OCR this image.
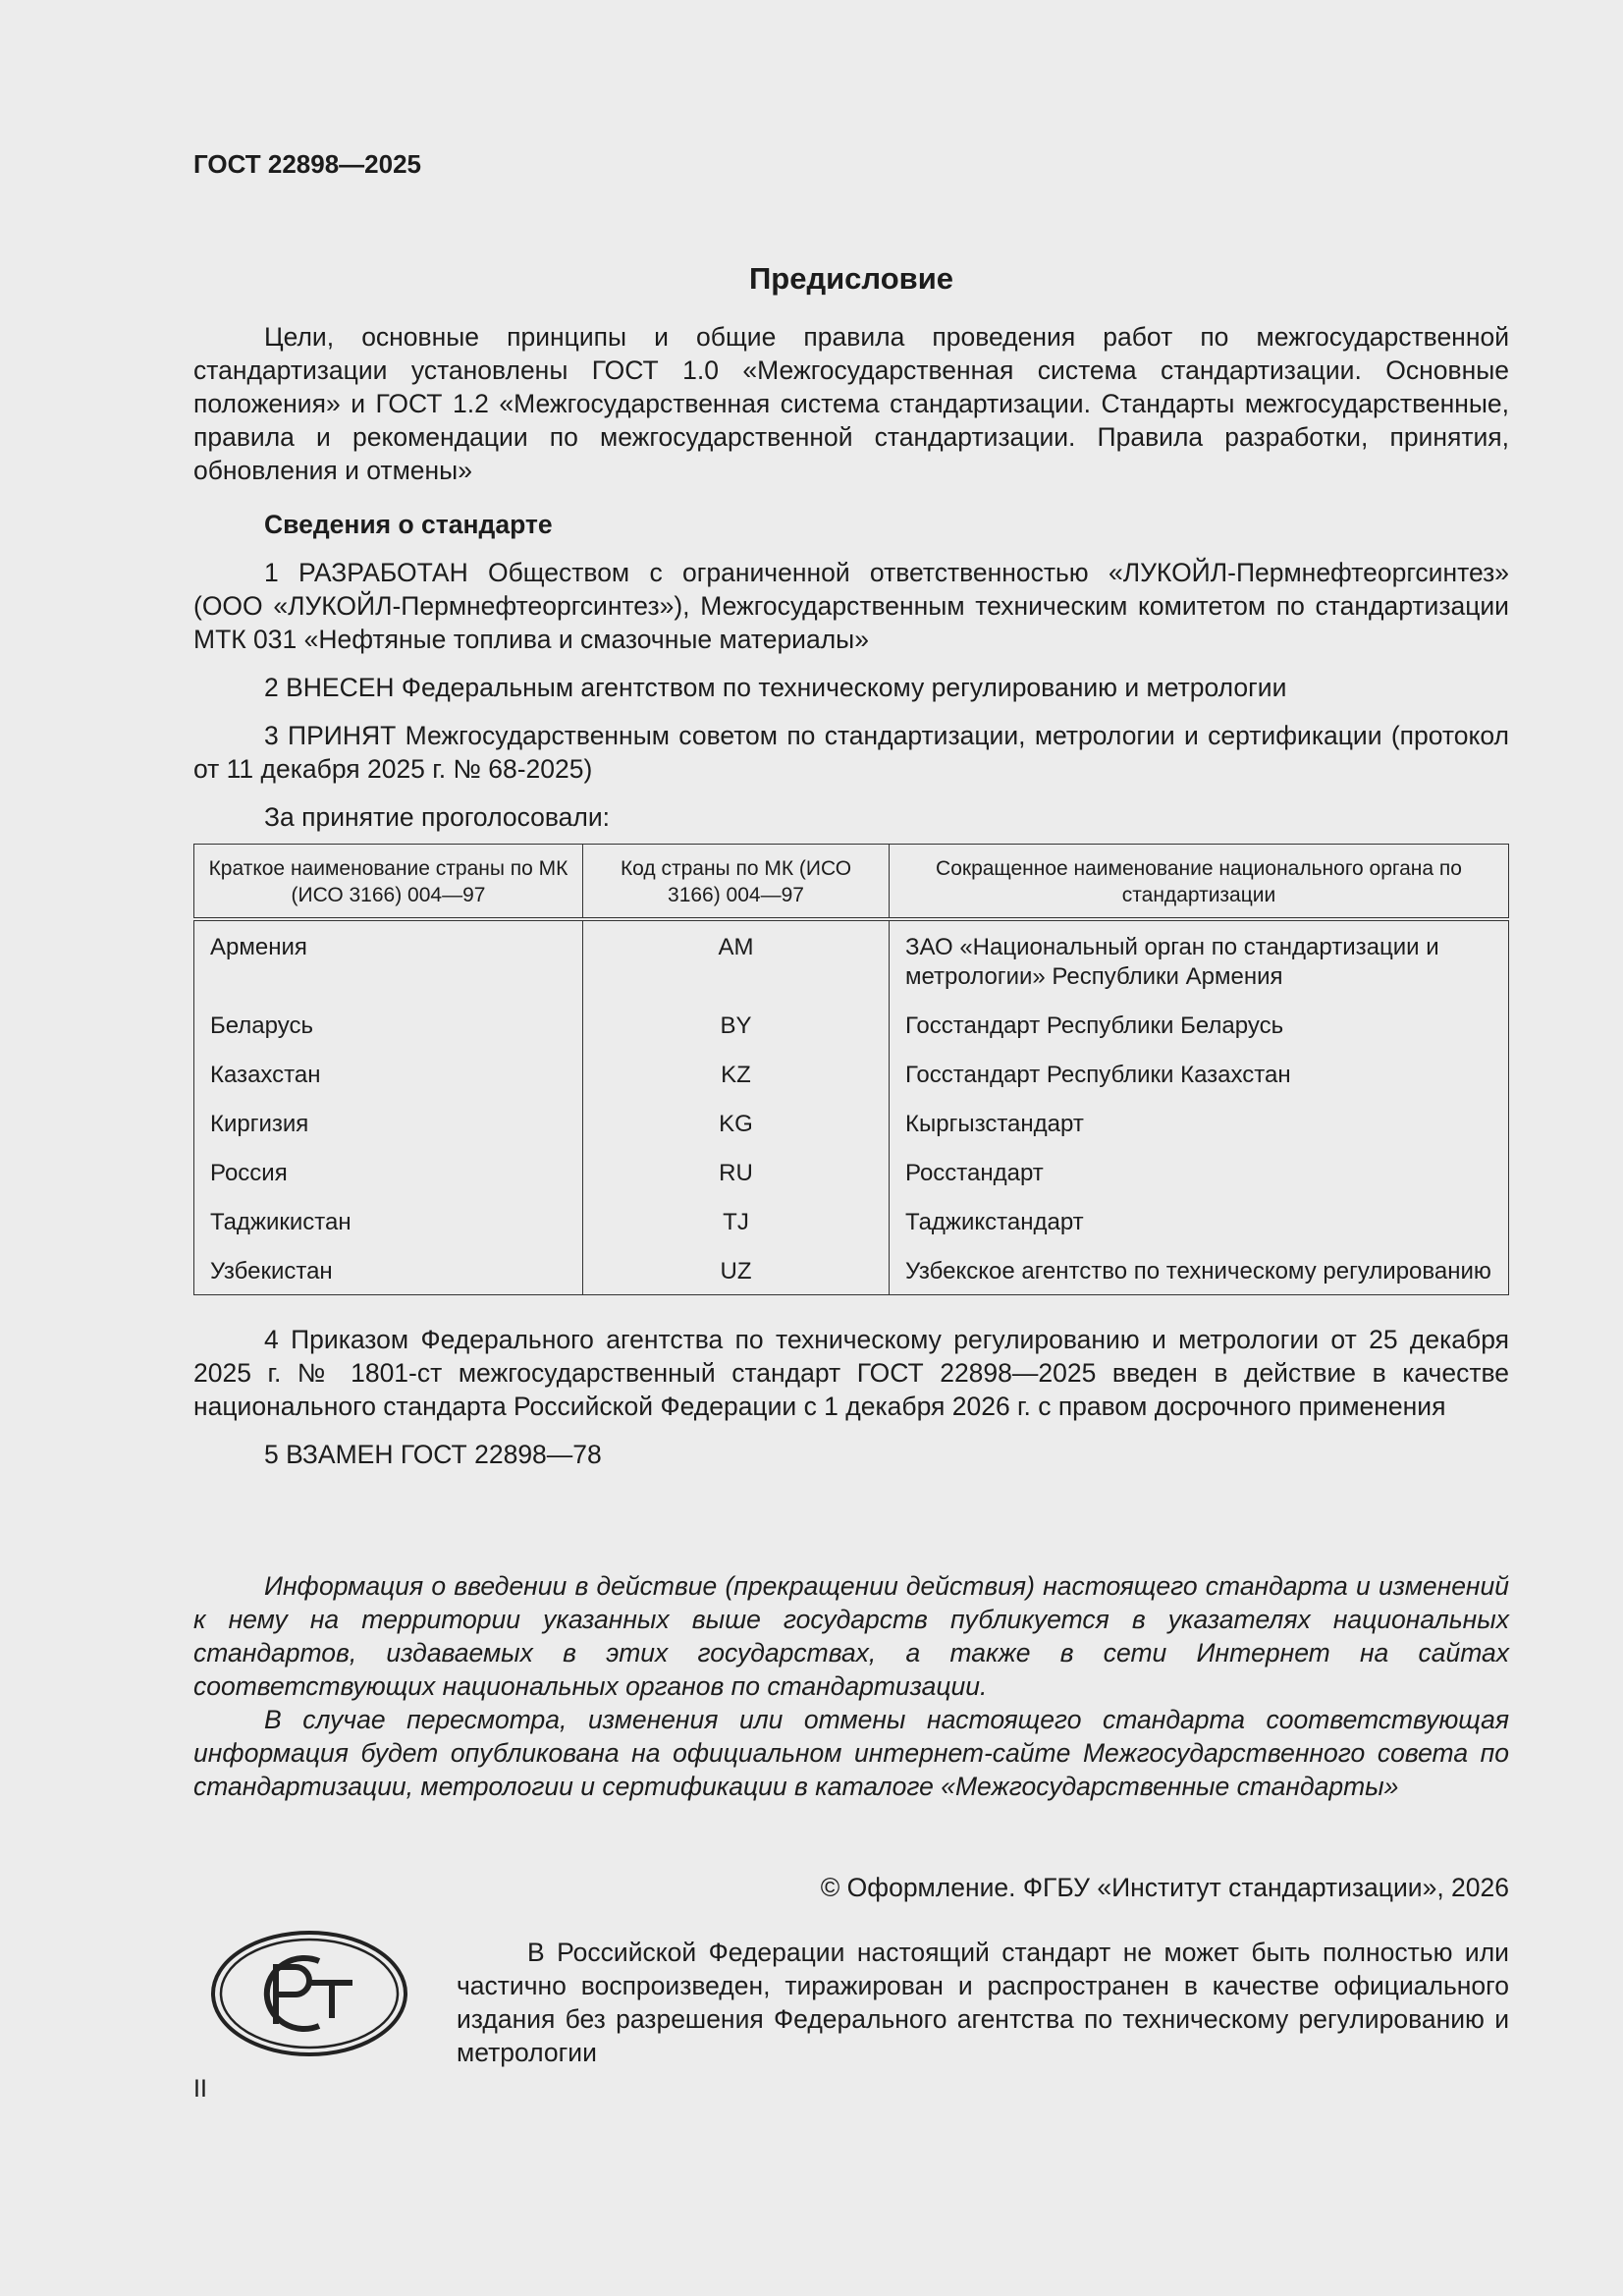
ГОСТ 22898—2025

Предисловие

Цели, основные принципы и общие правила проведения работ по межгосударственной стандартизации установлены ГОСТ 1.0 «Межгосударственная система стандартизации. Основные положения» и ГОСТ 1.2 «Межгосударственная система стандартизации. Стандарты межгосударственные, правила и рекомендации по межгосударственной стандартизации. Правила разработки, принятия, обновления и отмены»

Сведения о стандарте

1 РАЗРАБОТАН Обществом с ограниченной ответственностью «ЛУКОЙЛ-Пермнефтеоргсинтез» (ООО «ЛУКОЙЛ-Пермнефтеоргсинтез»), Межгосударственным техническим комитетом по стандартизации МТК 031 «Нефтяные топлива и смазочные материалы»

2 ВНЕСЕН Федеральным агентством по техническому регулированию и метрологии

3 ПРИНЯТ Межгосударственным советом по стандартизации, метрологии и сертификации (протокол от 11 декабря 2025 г. № 68-2025)

За принятие проголосовали:

Краткое наименование страны по МК (ИСО 3166) 004—97	Код страны по МК (ИСО 3166) 004—97	Сокращенное наименование национального органа по стандартизации
Армения	AM	ЗАО «Национальный орган по стандартизации и метрологии» Республики Армения
Беларусь	BY	Госстандарт Республики Беларусь
Казахстан	KZ	Госстандарт Республики Казахстан
Киргизия	KG	Кыргызстандарт
Россия	RU	Росстандарт
Таджикистан	TJ	Таджикстандарт
Узбекистан	UZ	Узбекское агентство по техническому регулированию

4 Приказом Федерального агентства по техническому регулированию и метрологии от 25 декабря 2025 г. № 1801-ст межгосударственный стандарт ГОСТ 22898—2025 введен в действие в качестве национального стандарта Российской Федерации с 1 декабря 2026 г. с правом досрочного применения

5 ВЗАМЕН ГОСТ 22898—78

Информация о введении в действие (прекращении действия) настоящего стандарта и изменений к нему на территории указанных выше государств публикуется в указателях национальных стандартов, издаваемых в этих государствах, а также в сети Интернет на сайтах соответствующих национальных органов по стандартизации.

В случае пересмотра, изменения или отмены настоящего стандарта соответствующая информация будет опубликована на официальном интернет-сайте Межгосударственного совета по стандартизации, метрологии и сертификации в каталоге «Межгосударственные стандарты»

© Оформление. ФГБУ «Институт стандартизации», 2026

РСТ

В Российской Федерации настоящий стандарт не может быть полностью или частично воспроизведен, тиражирован и распространен в качестве официального издания без разрешения Федерального агентства по техническому регулированию и метрологии

II
